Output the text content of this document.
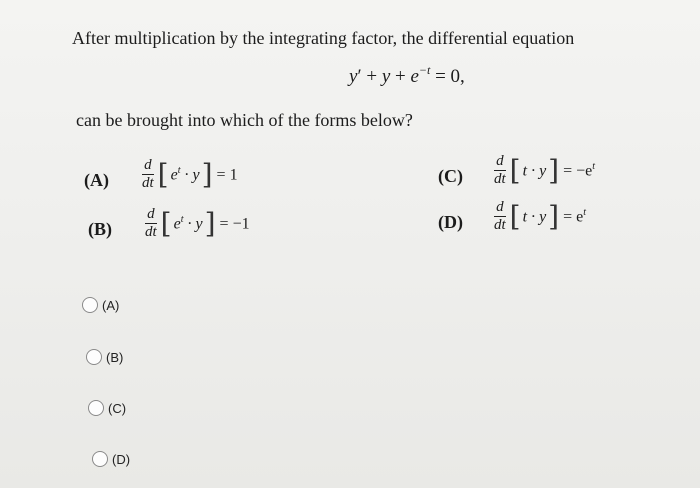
After multiplication by the integrating factor, the differential equation
$y' + y + e^{-t} = 0$,
can be brought into which of the forms below?
$(A) \frac{d}{dt}$ [ $e^t \cdot y$ ] = 1
$(B) \frac{d}{dt}$ [ $e^t \cdot y$ ] = −1
$(C) \frac{d}{dt}$ [ t · y ] = $-e^t$
$(D) \frac{d}{dt}$ [ t · y ] = $e^t$
(A)
(B)
(C)
(D)
